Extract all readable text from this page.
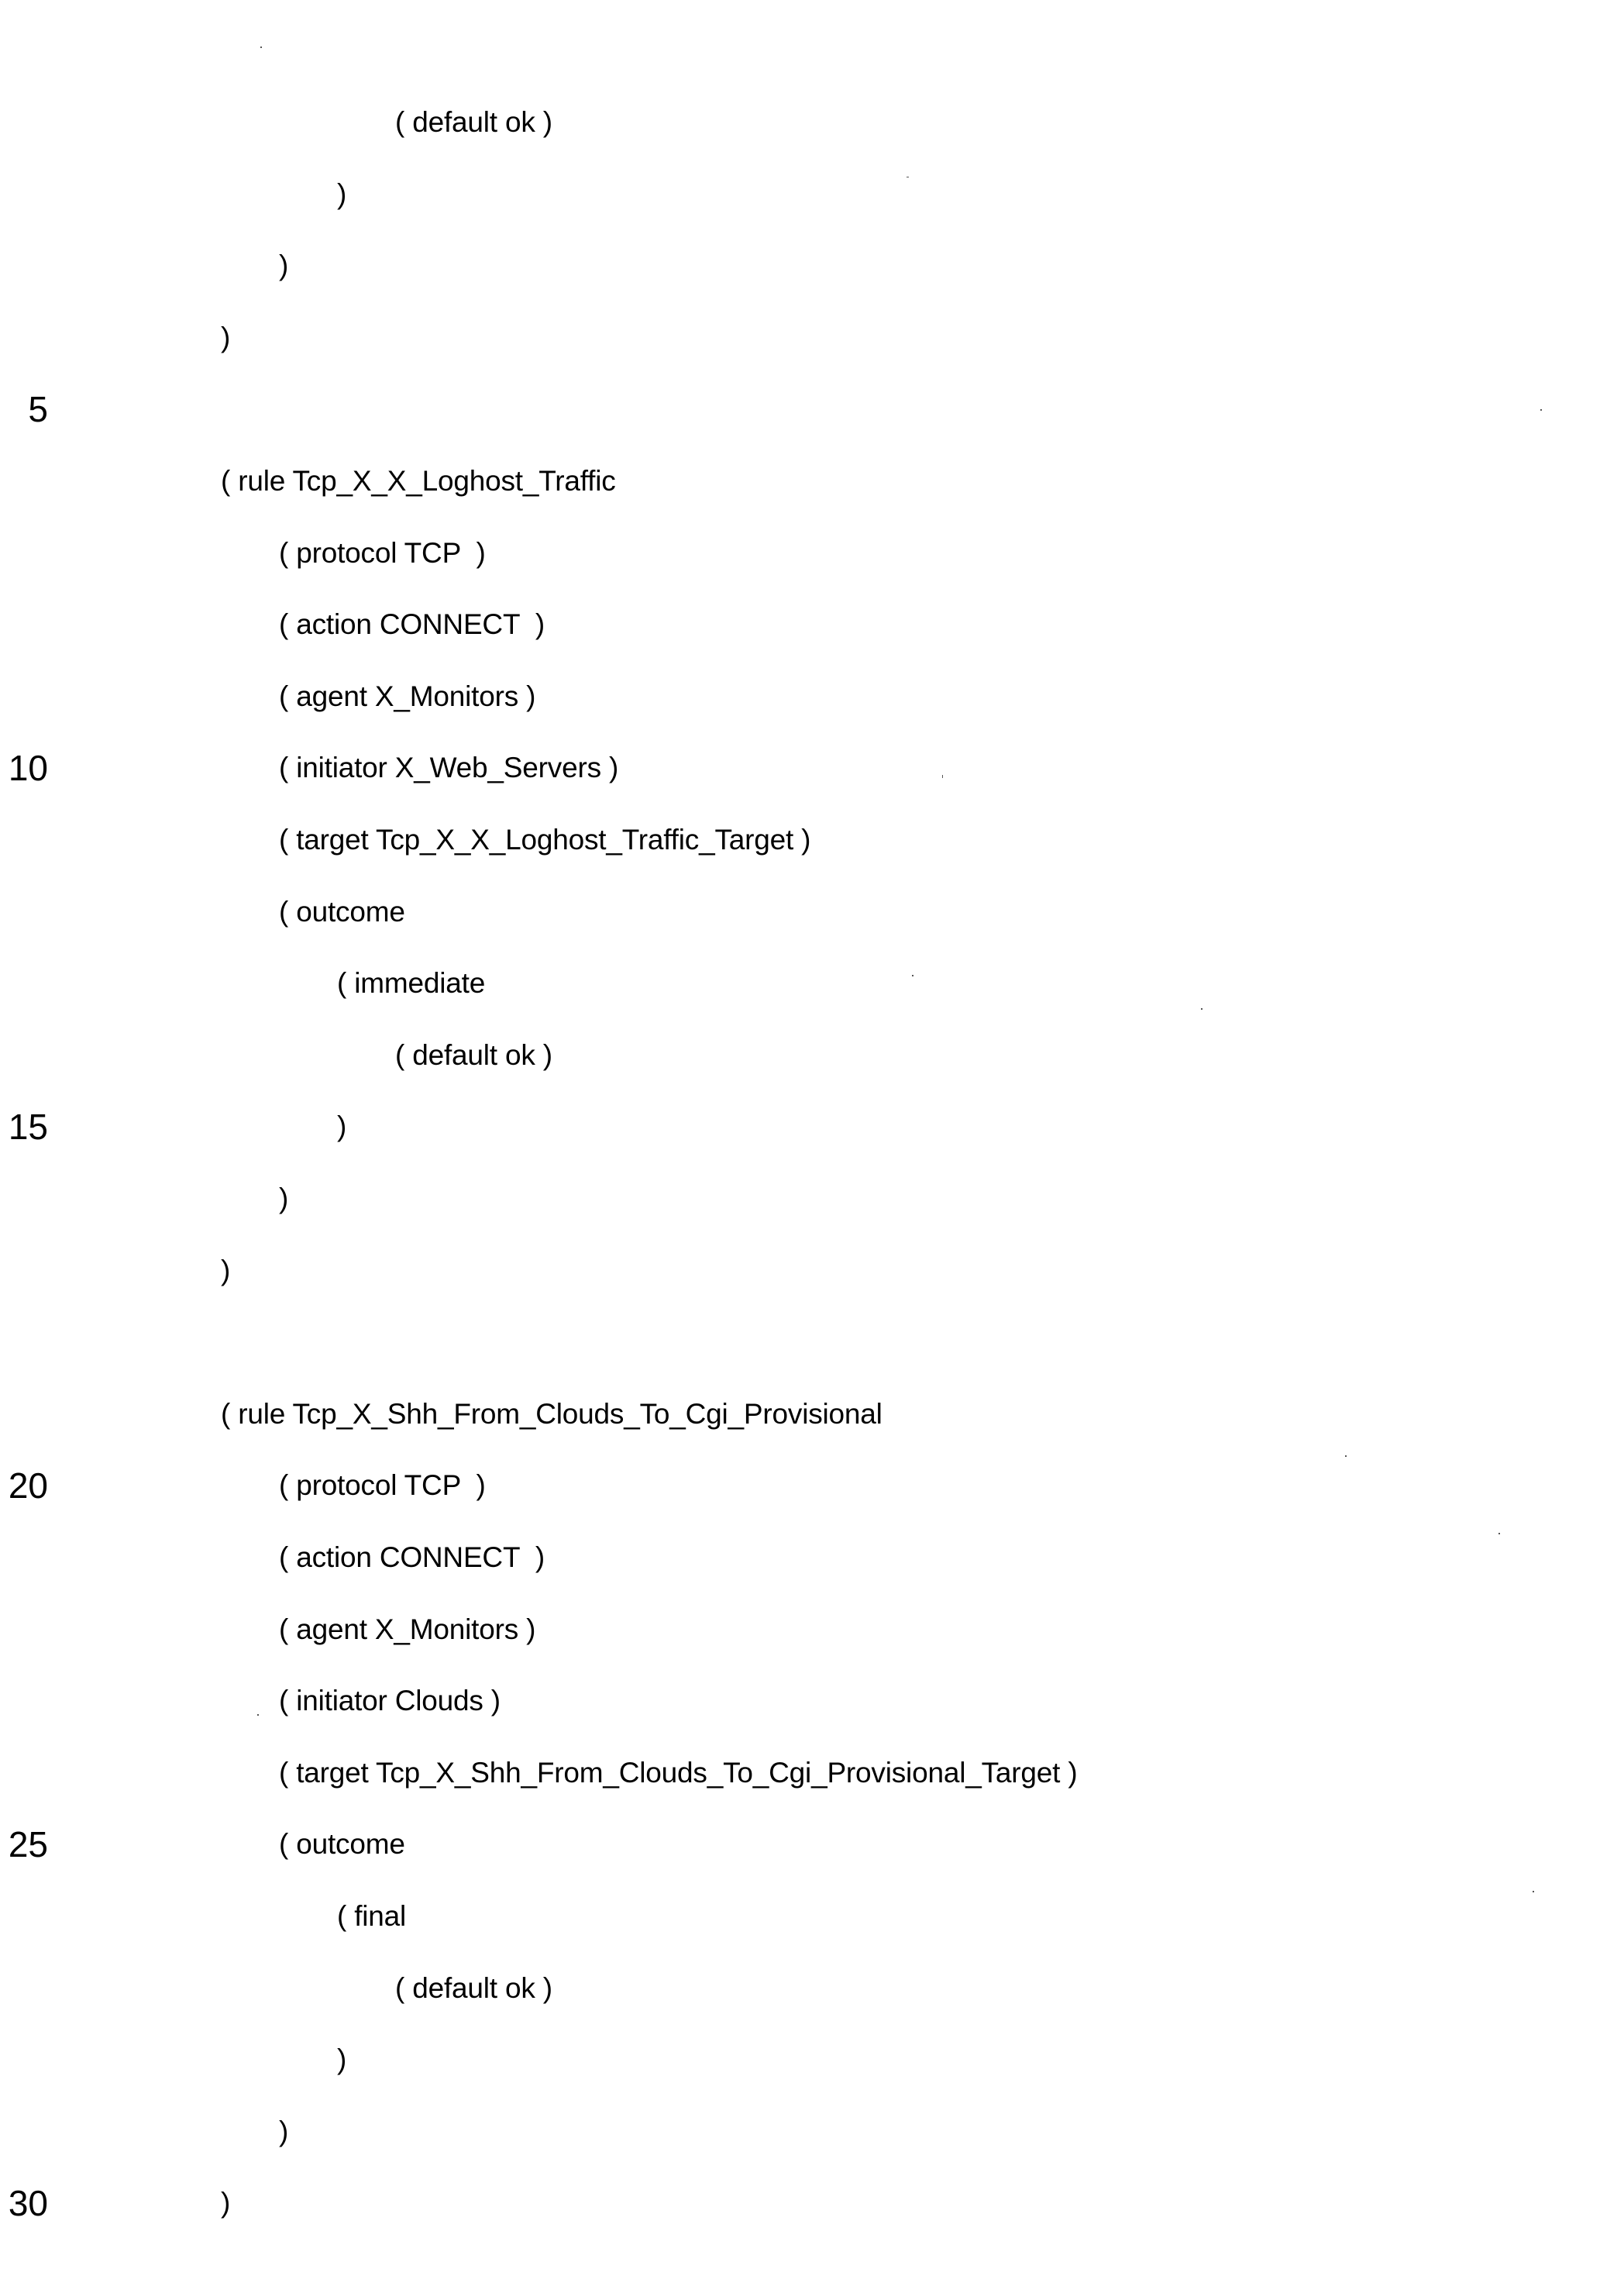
( default ok )
)
)
)
( rule Tcp_X_X_Loghost_Traffic
( protocol TCP  )
( action CONNECT  )
( agent X_Monitors )
( initiator X_Web_Servers )
( target Tcp_X_X_Loghost_Traffic_Target )
( outcome
( immediate
( default ok )
)
)
)
( rule Tcp_X_Shh_From_Clouds_To_Cgi_Provisional
( protocol TCP  )
( action CONNECT  )
( agent X_Monitors )
( initiator Clouds )
( target Tcp_X_Shh_From_Clouds_To_Cgi_Provisional_Target )
( outcome
( final
( default ok )
)
)
)
5
10
15
20
25
30
